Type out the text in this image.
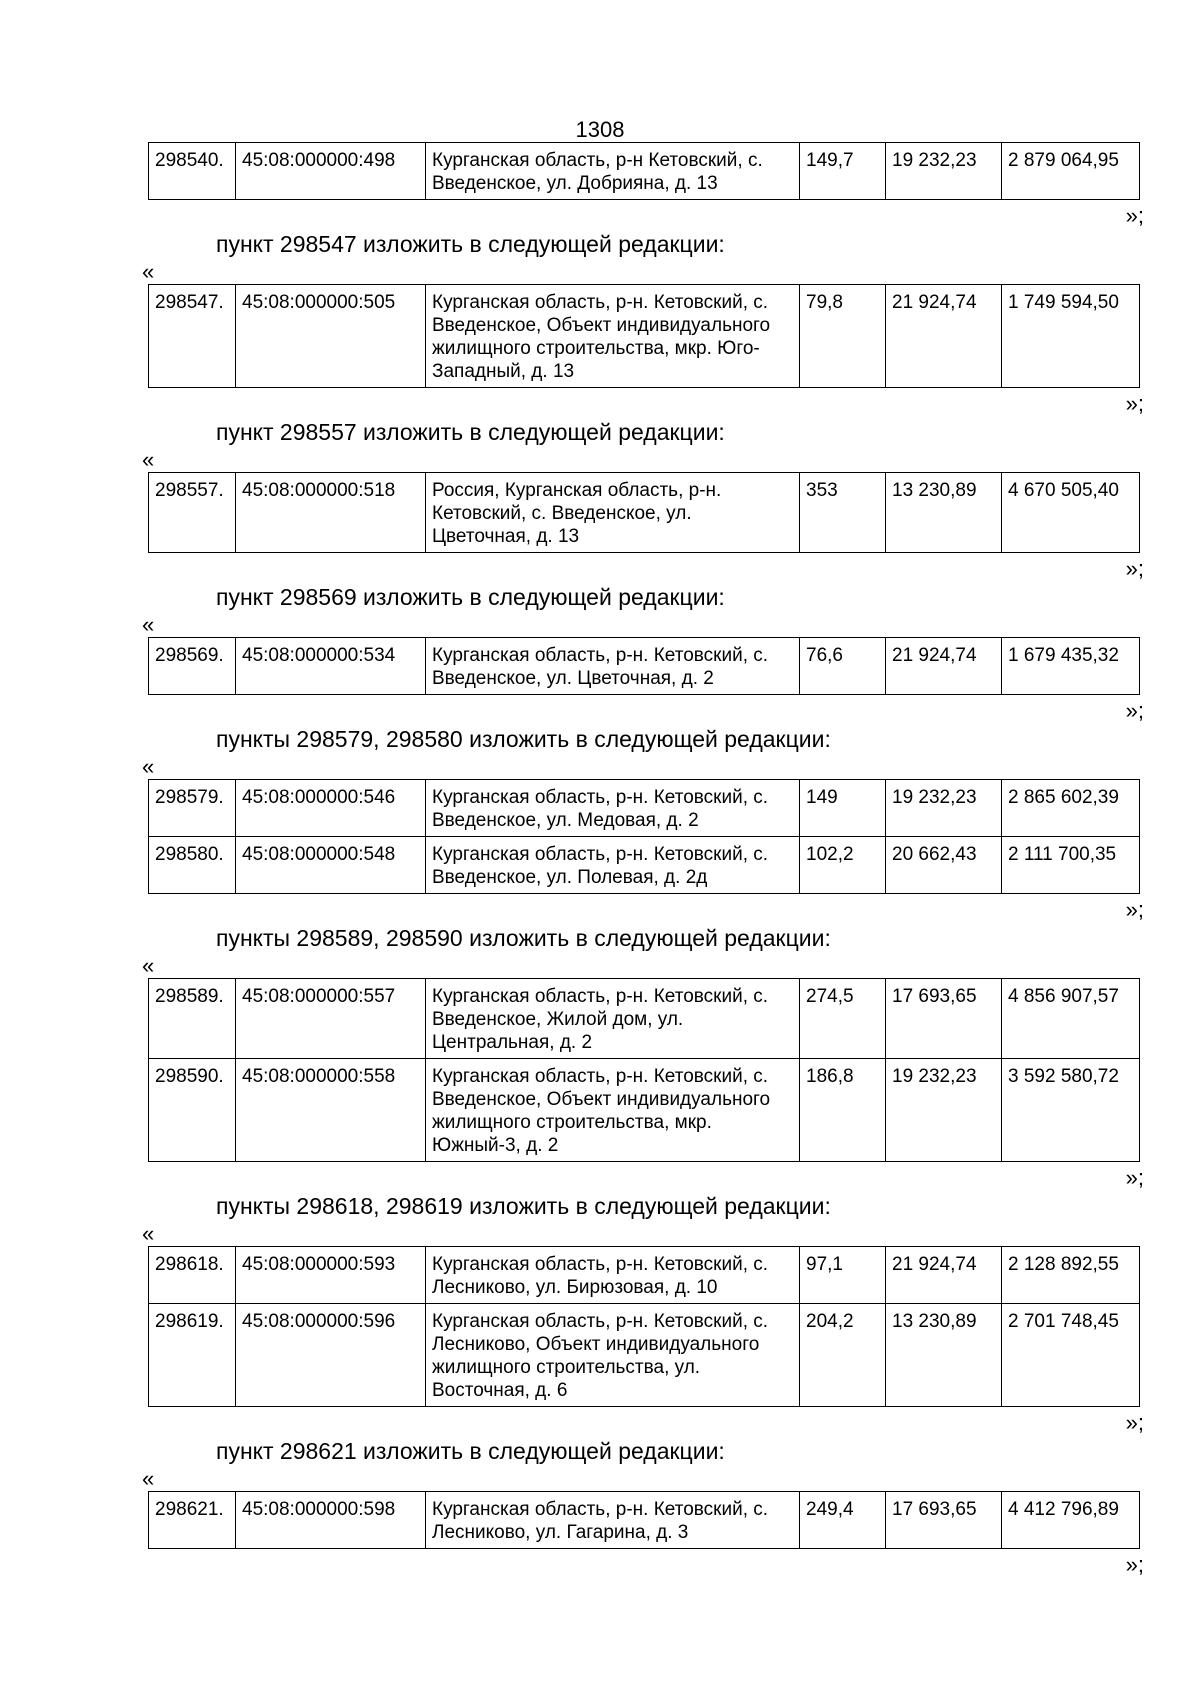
1308
298540.	45:08:000000:498	Курганская область, р-н Кетовский, с. Введенское, ул. Добрияна, д. 13	149,7	19 232,23	2 879 064,95
»;
пункт 298547 изложить в следующей редакции:
«
298547.	45:08:000000:505	Курганская область, р-н. Кетовский, с. Введенское, Объект индивидуального жилищного строительства, мкр. Юго-Западный, д. 13	79,8	21 924,74	1 749 594,50
»;
пункт 298557 изложить в следующей редакции:
«
298557.	45:08:000000:518	Россия, Курганская область, р-н. Кетовский, с. Введенское, ул. Цветочная, д. 13	353	13 230,89	4 670 505,40
»;
пункт 298569 изложить в следующей редакции:
«
298569.	45:08:000000:534	Курганская область, р-н. Кетовский, с. Введенское, ул. Цветочная, д. 2	76,6	21 924,74	1 679 435,32
»;
пункты 298579, 298580 изложить в следующей редакции:
«
298579.	45:08:000000:546	Курганская область, р-н. Кетовский, с. Введенское, ул. Медовая, д. 2	149	19 232,23	2 865 602,39
298580.	45:08:000000:548	Курганская область, р-н. Кетовский, с. Введенское, ул. Полевая, д. 2д	102,2	20 662,43	2 111 700,35
»;
пункты 298589, 298590 изложить в следующей редакции:
«
298589.	45:08:000000:557	Курганская область, р-н. Кетовский, с. Введенское, Жилой дом, ул. Центральная, д. 2	274,5	17 693,65	4 856 907,57
298590.	45:08:000000:558	Курганская область, р-н. Кетовский, с. Введенское, Объект индивидуального жилищного строительства, мкр. Южный-3, д. 2	186,8	19 232,23	3 592 580,72
»;
пункты 298618, 298619 изложить в следующей редакции:
«
298618.	45:08:000000:593	Курганская область, р-н. Кетовский, с. Лесниково, ул. Бирюзовая, д. 10	97,1	21 924,74	2 128 892,55
298619.	45:08:000000:596	Курганская область, р-н. Кетовский, с. Лесниково, Объект индивидуального жилищного строительства, ул. Восточная, д. 6	204,2	13 230,89	2 701 748,45
»;
пункт 298621 изложить в следующей редакции:
«
298621.	45:08:000000:598	Курганская область, р-н. Кетовский, с. Лесниково, ул. Гагарина, д. 3	249,4	17 693,65	4 412 796,89
»;
